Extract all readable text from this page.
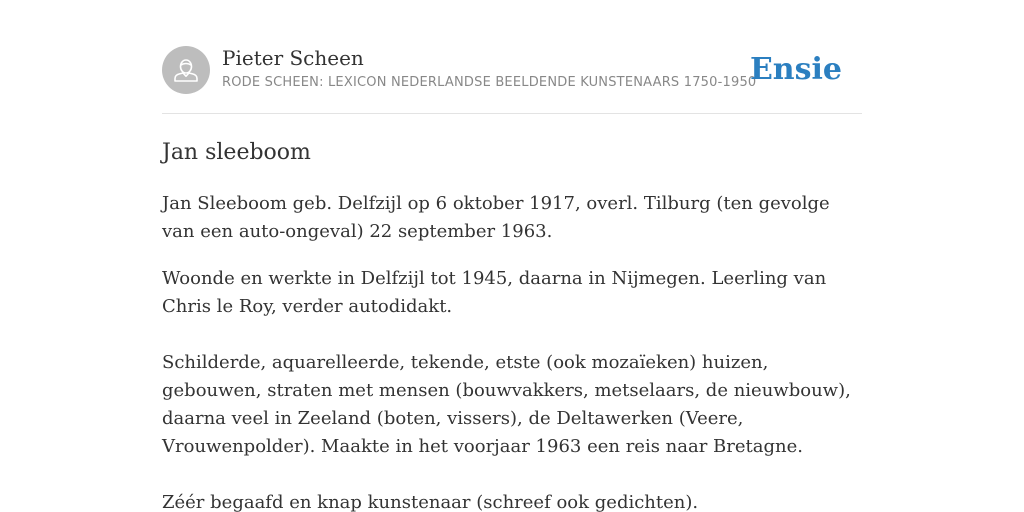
Pieter Scheen
RODE SCHEEN: LEXICON NEDERLANDSE BEELDENDE KUNSTENAARS 1750-1950
Ensie
Jan sleeboom

Jan Sleeboom geb. Delfzijl op 6 oktober 1917, overl. Tilburg (ten gevolge van een auto-ongeval) 22 september 1963.

Woonde en werkte in Delfzijl tot 1945, daarna in Nijmegen. Leerling van Chris le Roy, verder autodidakt.

Schilderde, aquarelleerde, tekende, etste (ook mozaïeken) huizen, gebouwen, straten met mensen (bouwvakkers, metselaars, de nieuwbouw), daarna veel in Zeeland (boten, vissers), de Deltawerken (Veere, Vrouwenpolder). Maakte in het voorjaar 1963 een reis naar Bretagne.

Zéér begaafd en knap kunstenaar (schreef ook gedichten).
